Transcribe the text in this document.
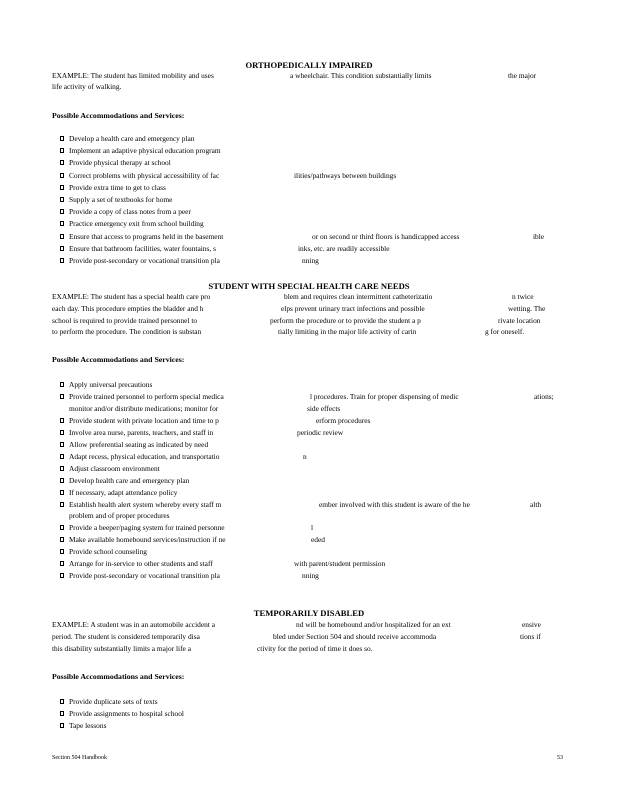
ORTHOPEDICALLY IMPAIRED
EXAMPLE: The student has limited mobility and uses	a wheelchair. This condition substantially limits	the major
life activity of walking.
Possible Accommodations and Services:
Develop a health care and emergency plan
Implement an adaptive physical education program
Provide physical therapy at school
Correct problems with physical accessibility of fac	ilities/pathways between buildings
Provide extra time to get to class
Supply a set of textbooks for home
Provide a copy of class notes from a peer
Practice emergency exit from school building
Ensure that access to programs held in the basement	or on second or third floors is handicapped access	ible
Ensure that bathroom facilities, water fountains, s	inks, etc. are readily accessible
Provide post-secondary or vocational transition pla	nning
STUDENT WITH SPECIAL HEALTH CARE NEEDS
EXAMPLE: The student has a special health care pro	blem and requires clean intermittent catheterizatio	n twice
each day. This procedure empties the bladder and h	elps prevent urinary tract infections and possible	wetting. The
school is required to provide trained personnel to	perform the procedure or to provide the student a p	rivate location
to perform the procedure. The condition is substan	tially limiting in the major life activity of carin	g for oneself.
Possible Accommodations and Services:
Apply universal precautions
Provide trained personnel to perform special medica	l procedures. Train for proper dispensing of medic	ations;
monitor and/or distribute medications; monitor for	side effects
Provide student with private location and time to p	erform procedures
Involve area nurse, parents, teachers, and staff in	periodic review
Allow preferential seating as indicated by need
Adapt recess, physical education, and transportatio	n
Adjust classroom environment
Develop health care and emergency plan
If necessary, adapt attendance policy
Establish health alert system whereby every staff m	ember involved with this student is aware of the he	alth
problem and of proper procedures
Provide a beeper/paging system for trained personne	l
Make available homebound services/instruction if ne	eded
Provide school counseling
Arrange for in-service to other students and staff	with parent/student permission
Provide post-secondary or vocational transition pla	nning
TEMPORARILY DISABLED
EXAMPLE: A student was in an automobile accident a	nd will be homebound and/or hospitalized for an ext	ensive
period. The student is considered temporarily disa	bled under Section 504 and should receive accommoda	tions if
this disability substantially limits a major life a	ctivity for the period of time it does so.
Possible Accommodations and Services:
Provide duplicate sets of texts
Provide assignments to hospital school
Tape lessons
Section 504 Handbook	53
